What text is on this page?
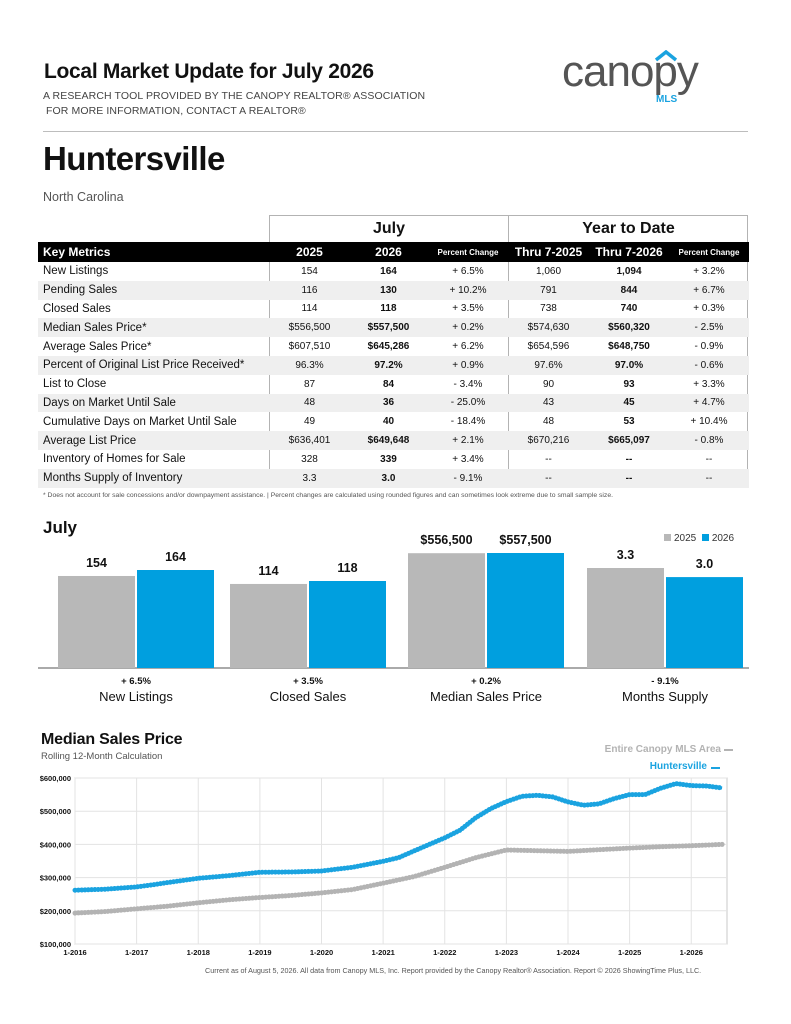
Local Market Update for July 2026
A RESEARCH TOOL PROVIDED BY THE CANOPY REALTOR® ASSOCIATION
FOR MORE INFORMATION, CONTACT A REALTOR®
canopy
MLS
Huntersville
North Carolina
July	Year to Date
Key Metrics	2025	2026	Percent Change	Thru 7-2025	Thru 7-2026	Percent Change
New Listings	154	164	+ 6.5%	1,060	1,094	+ 3.2%
Pending Sales	116	130	+ 10.2%	791	844	+ 6.7%
Closed Sales	114	118	+ 3.5%	738	740	+ 0.3%
Median Sales Price*	$556,500	$557,500	+ 0.2%	$574,630	$560,320	- 2.5%
Average Sales Price*	$607,510	$645,286	+ 6.2%	$654,596	$648,750	- 0.9%
Percent of Original List Price Received*	96.3%	97.2%	+ 0.9%	97.6%	97.0%	- 0.6%
List to Close	87	84	- 3.4%	90	93	+ 3.3%
Days on Market Until Sale	48	36	- 25.0%	43	45	+ 4.7%
Cumulative Days on Market Until Sale	49	40	- 18.4%	48	53	+ 10.4%
Average List Price	$636,401	$649,648	+ 2.1%	$670,216	$665,097	- 0.8%
Inventory of Homes for Sale	328	339	+ 3.4%	--	--	--
Months Supply of Inventory	3.3	3.0	- 9.1%	--	--	--
* Does not account for sale concessions and/or downpayment assistance. | Percent changes are calculated using rounded figures and can sometimes look extreme due to small sample size.
July
2025 2026
154	164
+ 6.5%
New Listings
114	118
+ 3.5%
Closed Sales
$556,500 $557,500
+ 0.2%
Median Sales Price
3.3
3.0
- 9.1%
Months Supply
Median Sales Price
Rolling 12-Month Calculation
Entire Canopy MLS Area
Huntersville
$100,000
$200,000
$300,000
$400,000
$500,000
$600,000
1-2016	1-2017	1-2018	1-2019	1-2020	1-2021	1-2022	1-2023	1-2024	1-2025	1-2026
Current as of August 5, 2026. All data from Canopy MLS, Inc. Report provided by the Canopy Realtor® Association. Report © 2026 ShowingTime Plus, LLC.
